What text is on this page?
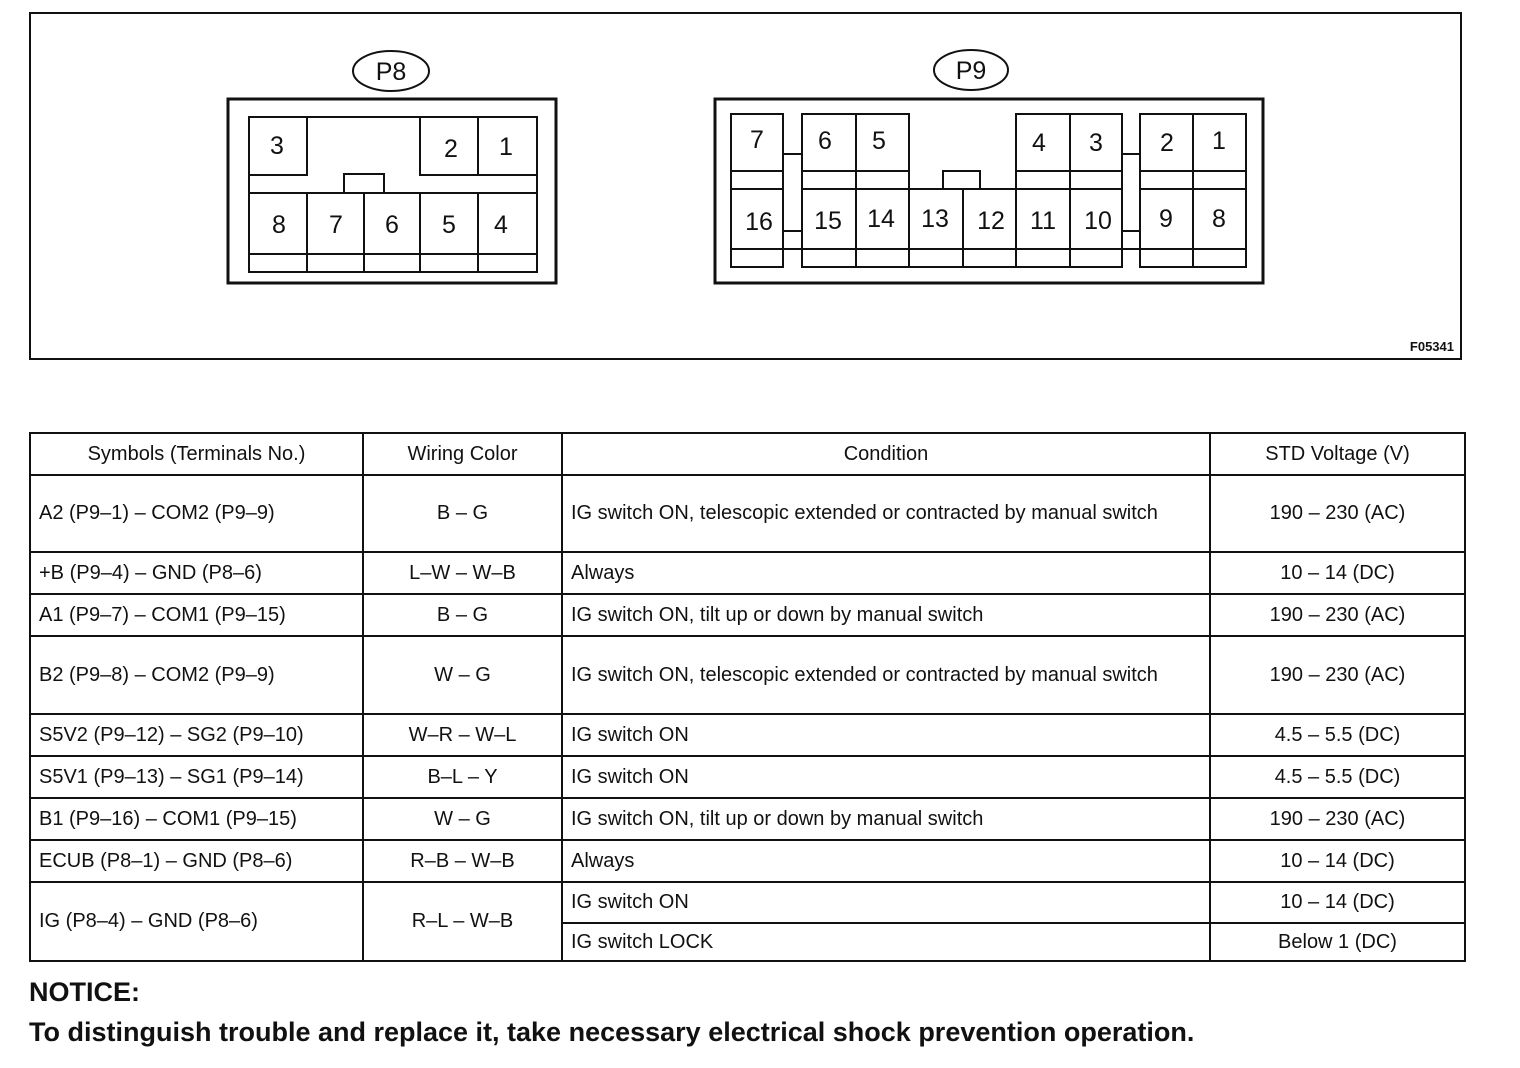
P8
3	2 1
8 7 6 5 4
P9
7 6 5	4 3 2 1
16 15 14 13 12 11 10 9 8
F05341
Symbols (Terminals No.)	Wiring Color	Condition	STD Voltage (V)
A2 (P9–1) – COM2 (P9–9)	B – G	IG switch ON, telescopic extended or contracted by manual switch	190 – 230 (AC)
+B (P9–4) – GND (P8–6)	L–W – W–B	Always	10 – 14 (DC)
A1 (P9–7) – COM1 (P9–15)	B – G	IG switch ON, tilt up or down by manual switch	190 – 230 (AC)
B2 (P9–8) – COM2 (P9–9)	W – G	IG switch ON, telescopic extended or contracted by manual switch	190 – 230 (AC)
S5V2 (P9–12) – SG2 (P9–10)	W–R – W–L	IG switch ON	4.5 – 5.5 (DC)
S5V1 (P9–13) – SG1 (P9–14)	B–L – Y	IG switch ON	4.5 – 5.5 (DC)
B1 (P9–16) – COM1 (P9–15)	W – G	IG switch ON, tilt up or down by manual switch	190 – 230 (AC)
ECUB (P8–1) – GND (P8–6)	R–B – W–B	Always	10 – 14 (DC)
IG (P8–4) – GND (P8–6)	R–L – W–B	IG switch ON	10 – 14 (DC)
		IG switch LOCK	Below 1 (DC)
NOTICE:
To distinguish trouble and replace it, take necessary electrical shock prevention operation.
